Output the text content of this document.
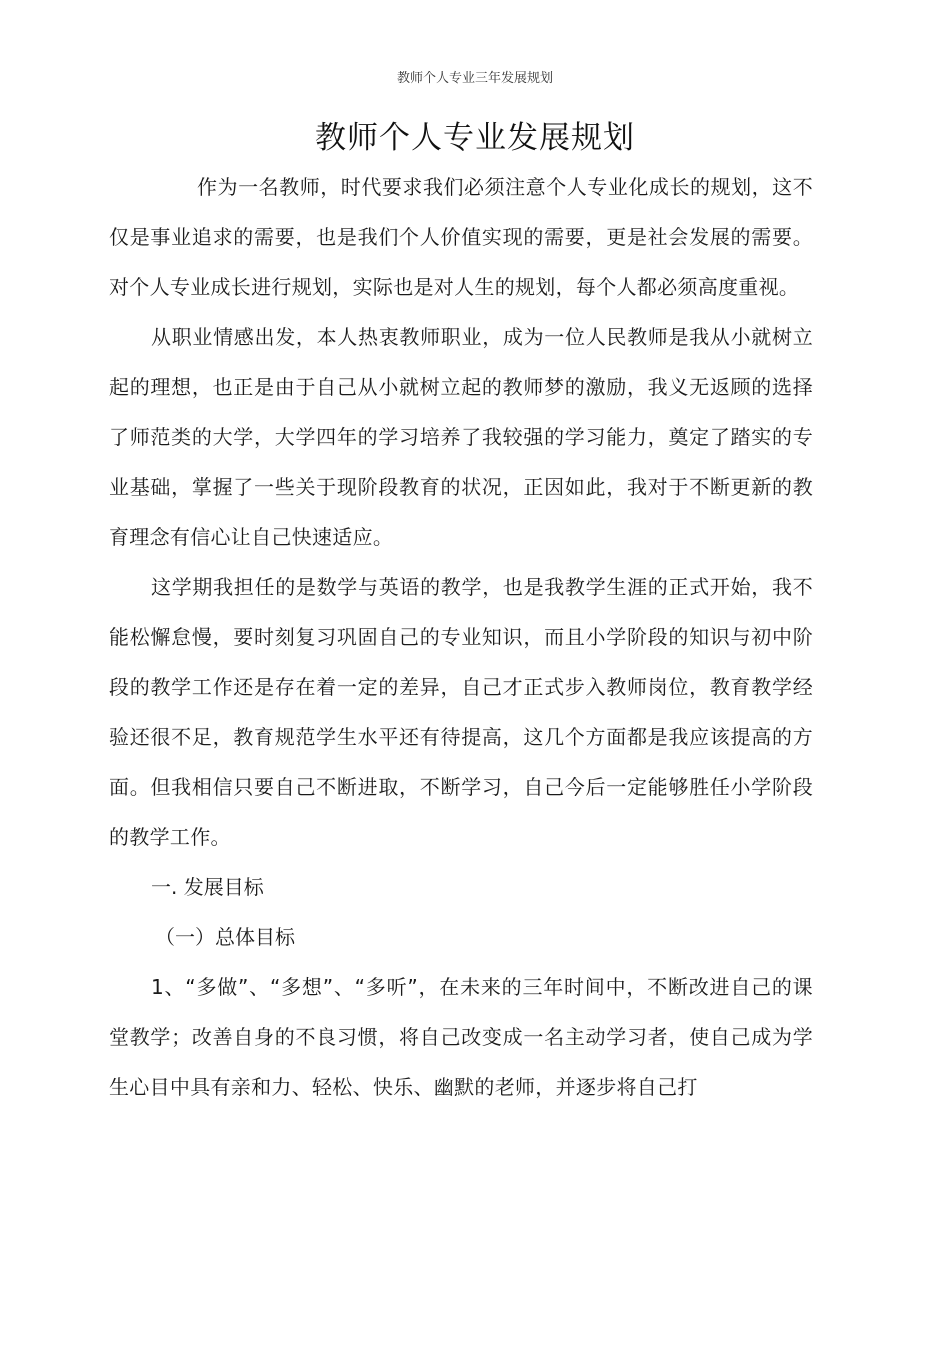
教师个人专业三年发展规划
教师个人专业发展规划

作为一名教师，时代要求我们必须注意个人专业化成长的规划，这不仅是事业追求的需要，也是我们个人价值实现的需要，更是社会发展的需要。对个人专业成长进行规划，实际也是对人生的规划，每个人都必须高度重视。

从职业情感出发，本人热衷教师职业，成为一位人民教师是我从小就树立起的理想，也正是由于自己从小就树立起的教师梦的激励，我义无返顾的选择了师范类的大学，大学四年的学习培养了我较强的学习能力，奠定了踏实的专业基础，掌握了一些关于现阶段教育的状况，正因如此，我对于不断更新的教育理念有信心让自己快速适应。

这学期我担任的是数学与英语的教学，也是我教学生涯的正式开始，我不能松懈怠慢，要时刻复习巩固自己的专业知识，而且小学阶段的知识与初中阶段的教学工作还是存在着一定的差异，自己才正式步入教师岗位，教育教学经验还很不足，教育规范学生水平还有待提高，这几个方面都是我应该提高的方面。但我相信只要自己不断进取，不断学习，自己今后一定能够胜任小学阶段的教学工作。

一. 发展目标

（一）总体目标

1、“多做”、“多想”、“多听”，在未来的三年时间中，不断改进自己的课堂教学；改善自身的不良习惯，将自己改变成一名主动学习者，使自己成为学生心目中具有亲和力、轻松、快乐、幽默的老师，并逐步将自己打
